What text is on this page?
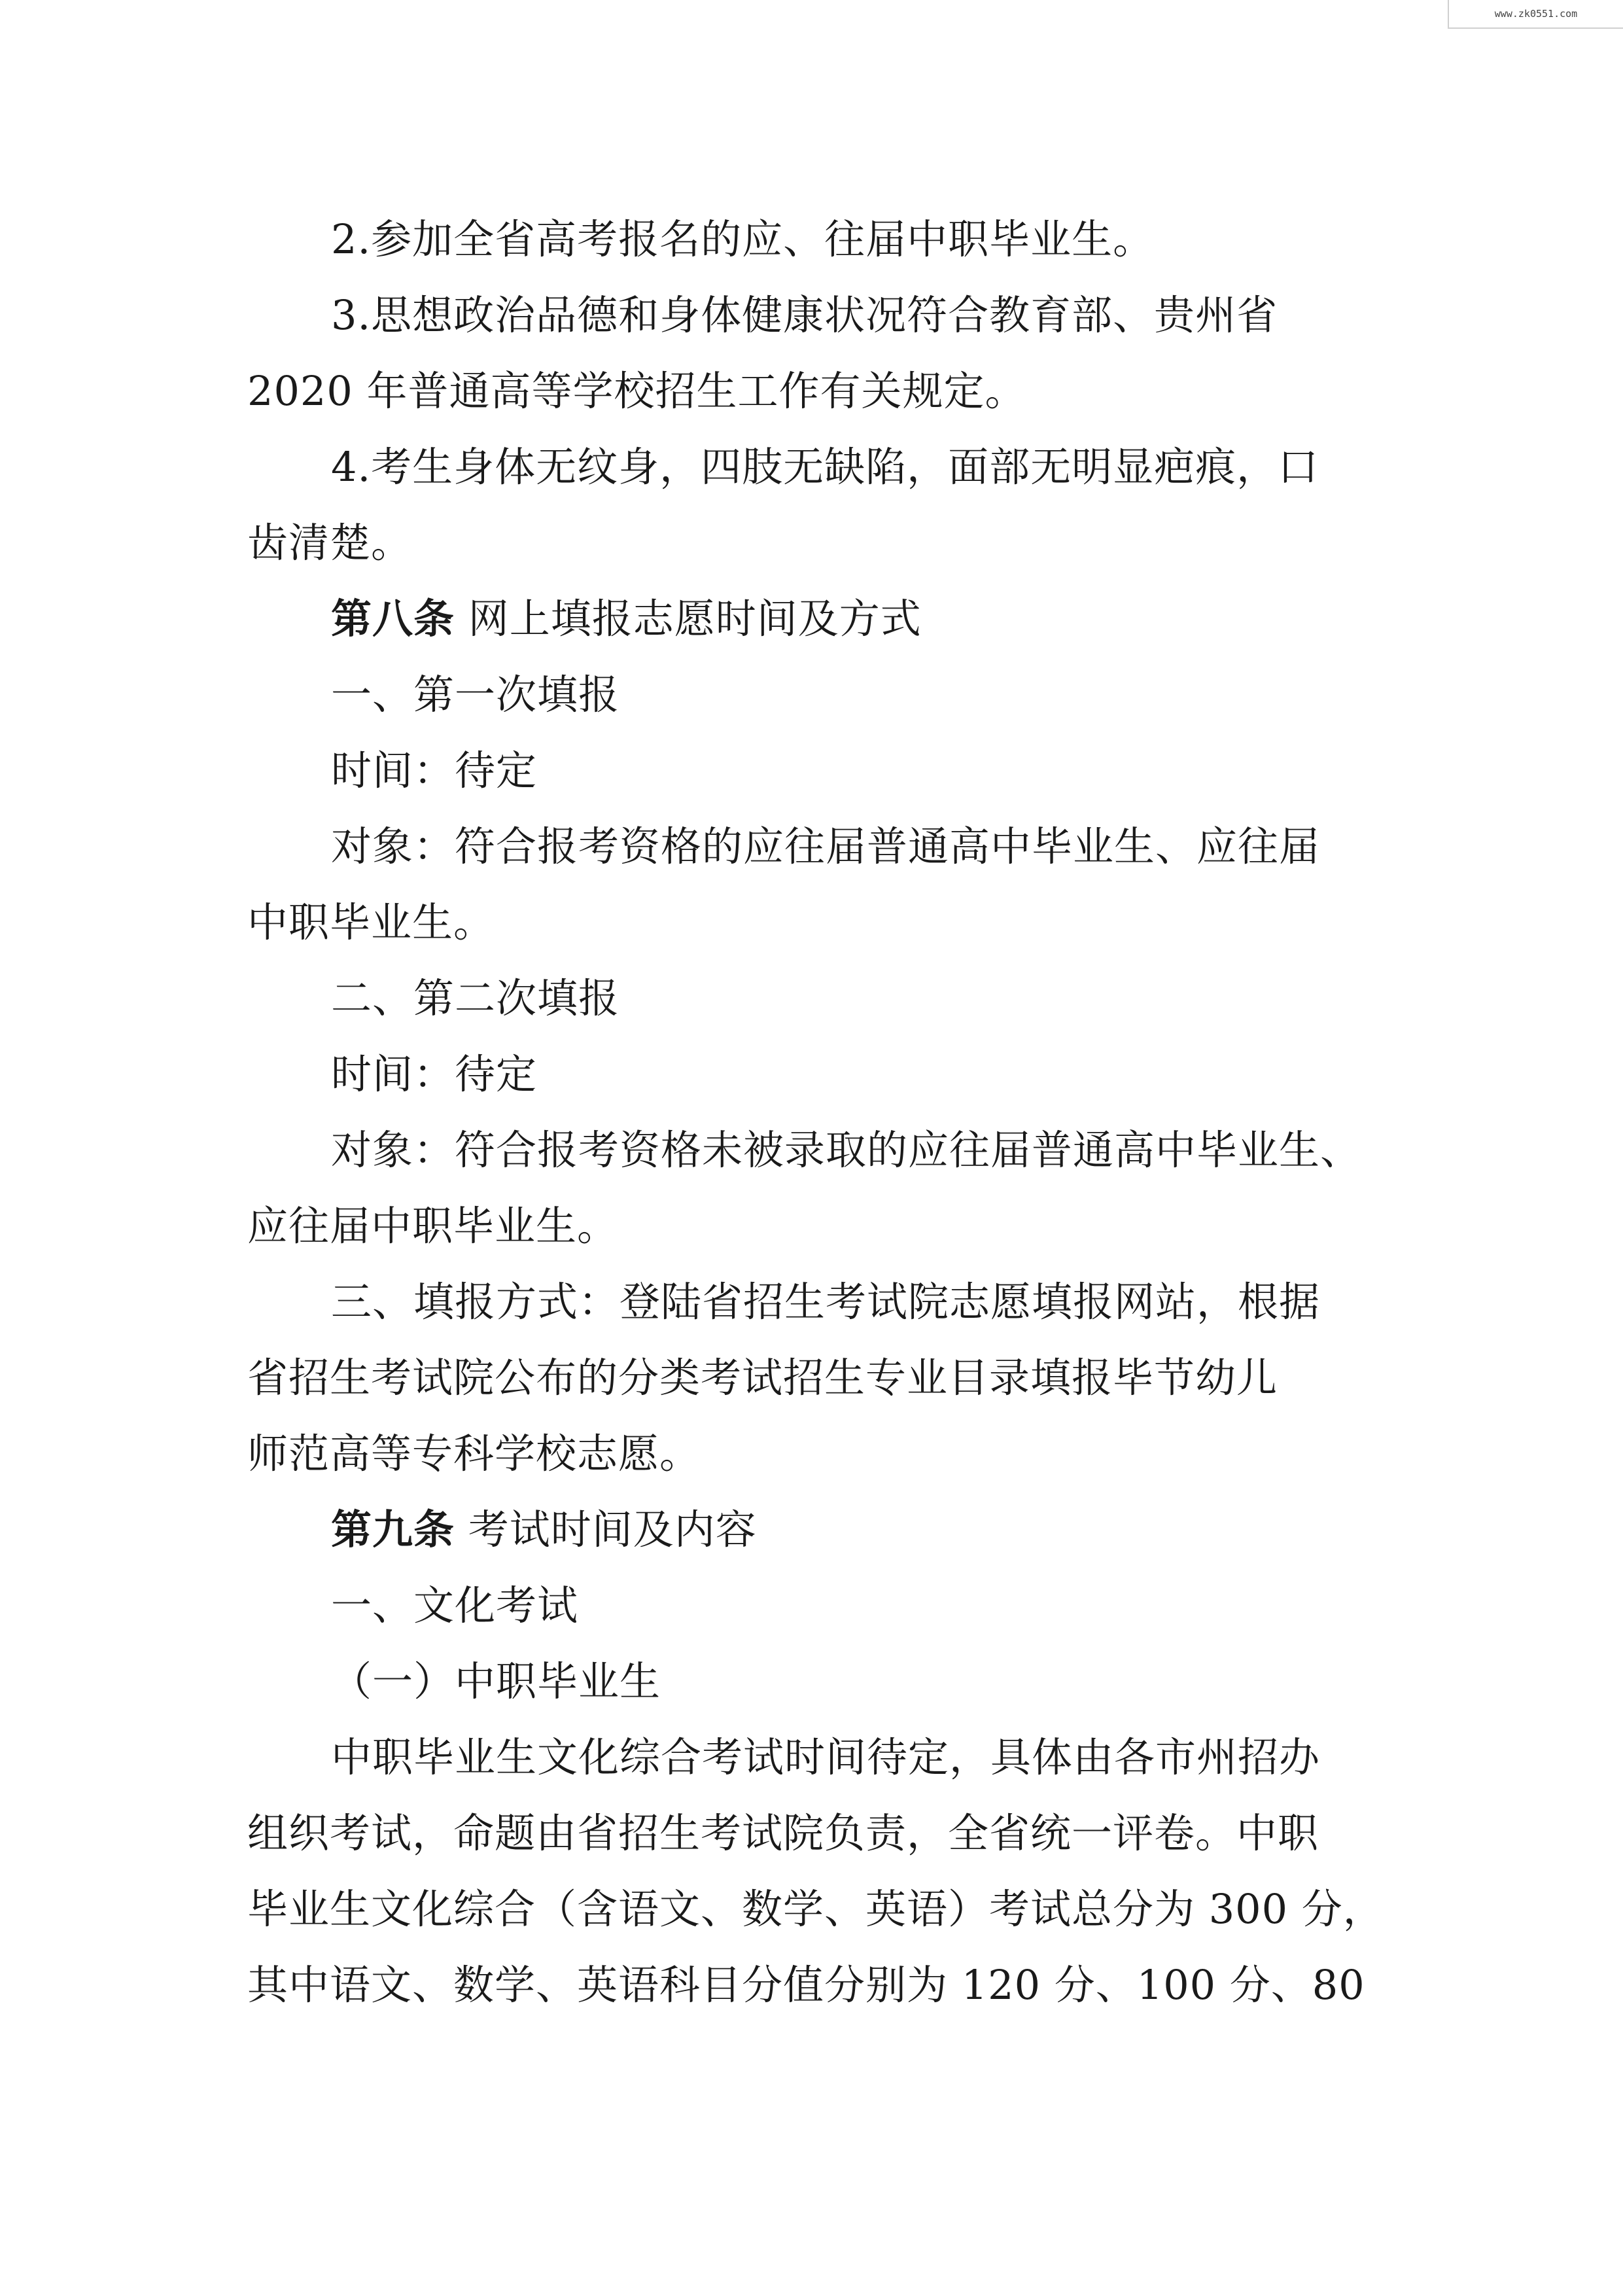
www.zk0551.com
2.参加全省高考报名的应、往届中职毕业生。
3.思想政治品德和身体健康状况符合教育部、贵州省
2020 年普通高等学校招生工作有关规定。
4.考生身体无纹身，四肢无缺陷，面部无明显疤痕，口
齿清楚。
第八条 网上填报志愿时间及方式
一、第一次填报
时间：待定
对象：符合报考资格的应往届普通高中毕业生、应往届
中职毕业生。
二、第二次填报
时间：待定
对象：符合报考资格未被录取的应往届普通高中毕业生、
应往届中职毕业生。
三、填报方式：登陆省招生考试院志愿填报网站，根据
省招生考试院公布的分类考试招生专业目录填报毕节幼儿
师范高等专科学校志愿。
第九条 考试时间及内容
一、文化考试
（一）中职毕业生
中职毕业生文化综合考试时间待定，具体由各市州招办
组织考试，命题由省招生考试院负责，全省统一评卷。中职
毕业生文化综合（含语文、数学、英语）考试总分为 300 分，
其中语文、数学、英语科目分值分别为 120 分、100 分、80
